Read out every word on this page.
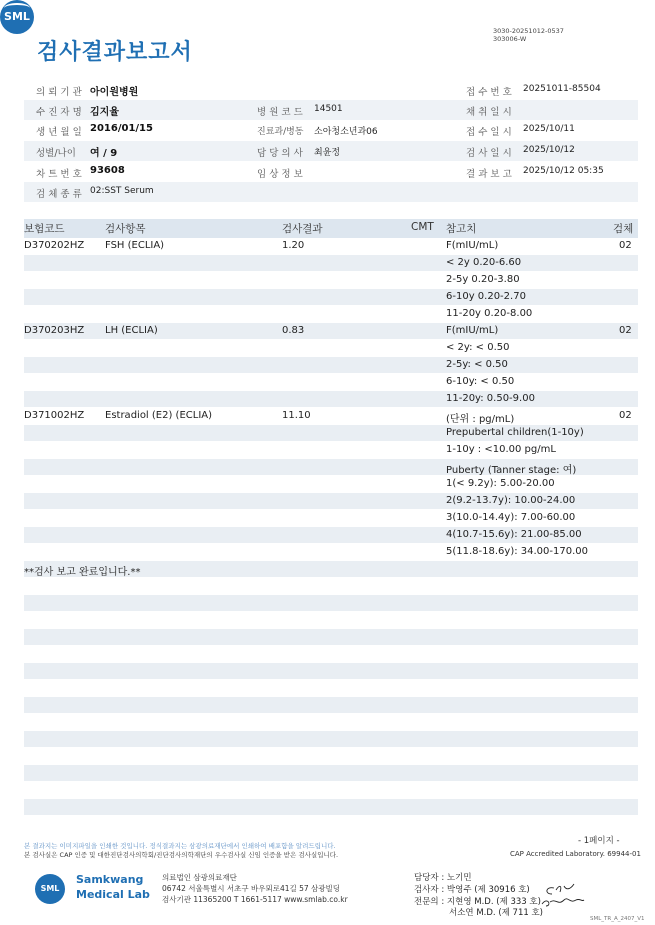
검사결과보고서
3030-20251012-0537
303006-W
SML
의 뢰 기 관 아이원병원	접 수 번 호 20251011-85504
수 진 자 명 김지율	병 원 코 드 14501	채 취 일 시
생 년 월 일 2016/01/15	진료과/병동 소아청소년과06	접 수 일 시 2025/10/11
성별/나이 여 / 9	담 당 의 사 최윤정	검 사 일 시 2025/10/12
차 트 번 호 93608	임 상 정 보	결 과 보 고 2025/10/12 05:35
검 체 종 류 02:SST Serum
보험코드	검사항목	검사결과	CMT 참고치	검체
D370202HZ FSH (ECLIA)	1.20	F(mIU/mL)	02
< 2y 0.20-6.60
2-5y 0.20-3.80
6-10y 0.20-2.70
11-20y 0.20-8.00
D370203HZ LH (ECLIA)	0.83	F(mIU/mL)	02
< 2y: < 0.50
2-5y: < 0.50
6-10y: < 0.50
11-20y: 0.50-9.00
D371002HZ Estradiol (E2) (ECLIA)	11.10	(단위 : pg/mL)	02
Prepubertal children(1-10y)
1-10y : <10.00 pg/mL
Puberty (Tanner stage: 여)
1(< 9.2y): 5.00-20.00
2(9.2-13.7y): 10.00-24.00
3(10.0-14.4y): 7.00-60.00
4(10.7-15.6y): 21.00-85.00
5(11.8-18.6y): 34.00-170.00
**검사 보고 완료입니다.**
본 결과지는 이미지파일을 인쇄한 것입니다. 정식결과지는 삼광의료재단에서 인쇄하여 배포함을 알려드립니다.
본 검사실은 CAP 인증 및 대한진단검사의학회/진단검사의학재단의 우수검사실 신임 인증을 받은 검사실입니다.
- 1페이지 -
CAP Accredited Laboratory. 69944-01
SML
Samkwang
Medical Lab
의료법인 삼광의료재단
06742 서울특별시 서초구 바우뫼로41길 57 삼광빌딩
검사기관 11365200 T 1661-5117 www.smlab.co.kr
담당자 : 노기민
검사자 : 박영주 (제 30916 호)
전문의 : 지현영 M.D. (제 333 호)
서소연 M.D. (제 711 호)
SML_TR_A_2407_V1
